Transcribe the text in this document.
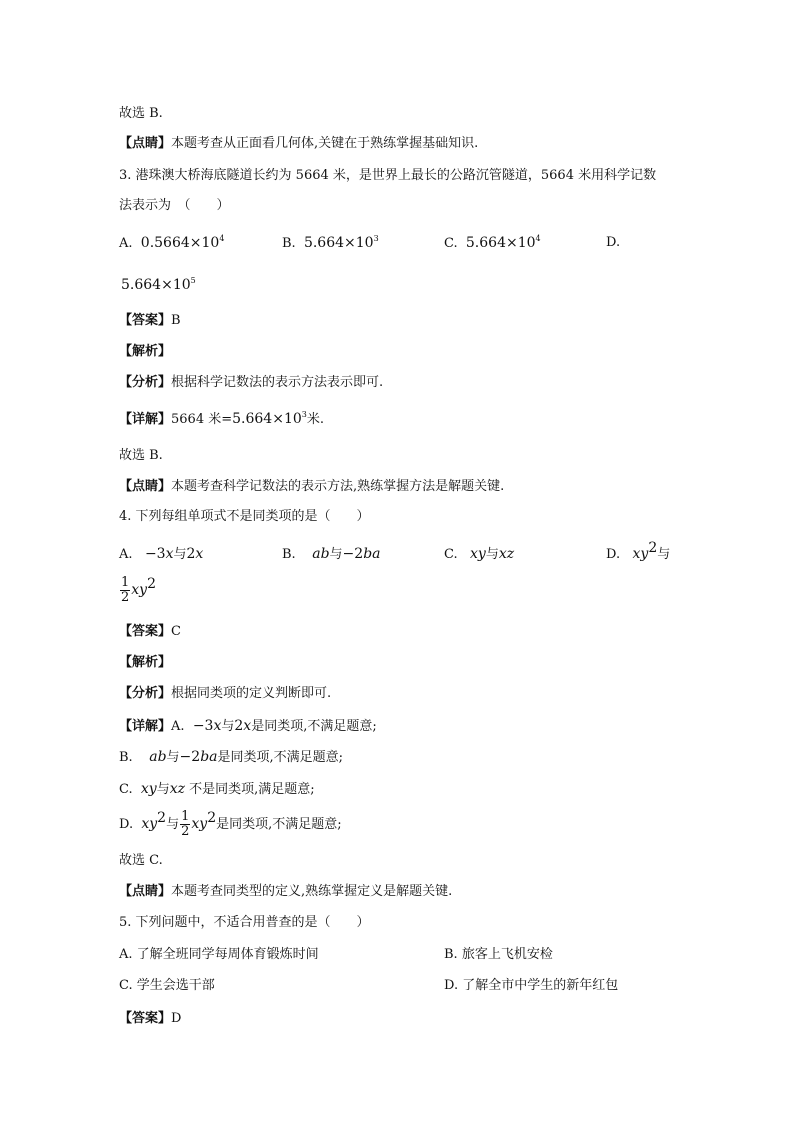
故选 B.
【点睛】本题考查从正面看几何体,关键在于熟练掌握基础知识.
3. 港珠澳大桥海底隧道长约为 5664 米，是世界上最长的公路沉管隧道，5664 米用科学记数
法表示为　（　　）
A. $0.5664\times 10^4$	B. $5.664\times 10^3$	C. $5.664\times 10^4$	D.
$5.664\times 10^5$
【答案】B
【解析】
【分析】根据科学记数法的表示方法表示即可.
【详解】5664 米$=5.664\times 10^3$米.
故选 B.
【点睛】本题考查科学记数法的表示方法,熟练掌握方法是解题关键.
4. 下列每组单项式不是同类项的是（　　）
A. −3x与2x	B. ab与−2ba	C. xy与xz	D. $xy^2$与
$\frac{1}{2} xy^2$
【答案】C
【解析】
【分析】根据同类项的定义判断即可.
【详解】A. −3x与2x是同类项,不满足题意;
B. ab与−2ba是同类项,不满足题意;
C. xy与xz 不是同类项,满足题意;
D. $xy^2$与 $\frac{1}{2} xy^2$是同类项,不满足题意;
故选 C.
【点睛】本题考查同类型的定义,熟练掌握定义是解题关键.
5. 下列问题中，不适合用普查的是（　　）
A. 了解全班同学每周体育锻炼时间	B. 旅客上飞机安检
C. 学生会选干部	D. 了解全市中学生的新年红包
【答案】D
